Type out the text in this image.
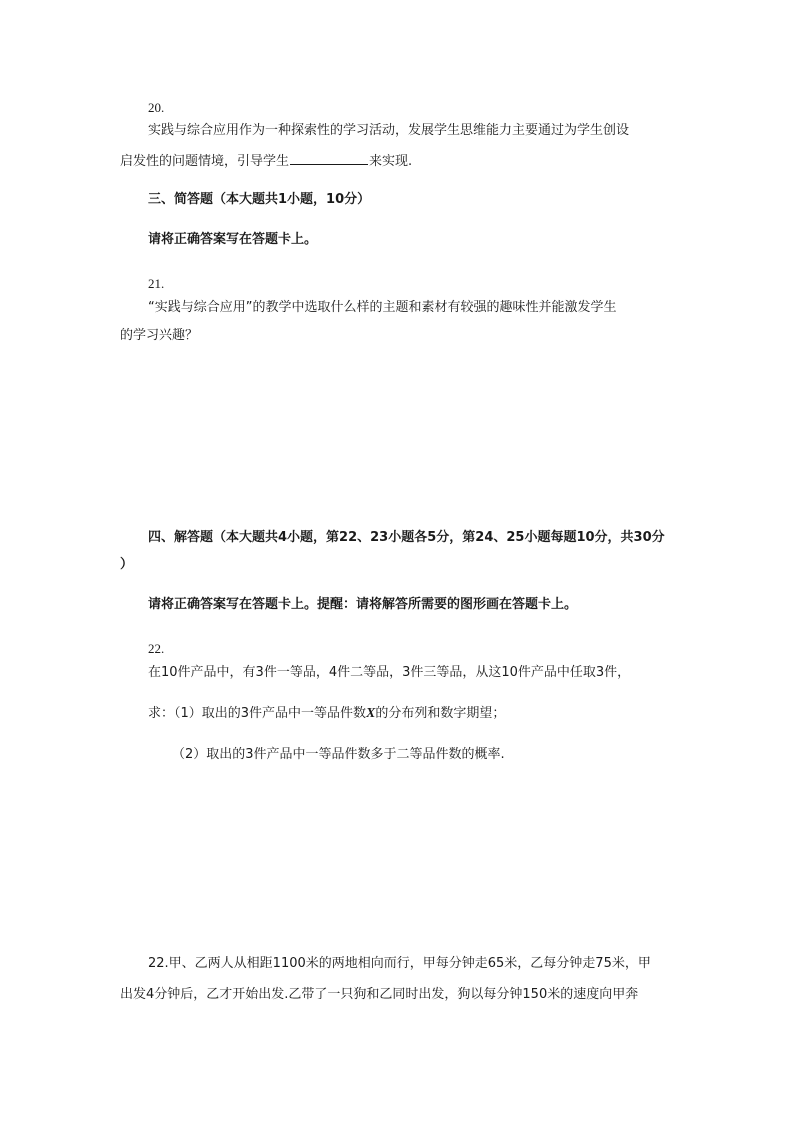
20.
实践与综合应用作为一种探索性的学习活动，发展学生思维能力主要通过为学生创设
启发性的问题情境，引导学生	来实现.
三、简答题（本大题共1小题，10分）
请将正确答案写在答题卡上。
21.
“实践与综合应用”的教学中选取什么样的主题和素材有较强的趣味性并能激发学生
的学习兴趣？
四、解答题（本大题共4小题，第22、23小题各5分，第24、25小题每题10分，共30分
）
请将正确答案写在答题卡上。提醒：请将解答所需要的图形画在答题卡上。
22.
在10件产品中，有3件一等品，4件二等品，3件三等品，从这10件产品中任取3件，
求：（1）取出的3件产品中一等品件数X的分布列和数字期望；
（2）取出的3件产品中一等品件数多于二等品件数的概率.
22.甲、乙两人从相距1100米的两地相向而行，甲每分钟走65米，乙每分钟走75米，甲
出发4分钟后，乙才开始出发.乙带了一只狗和乙同时出发，狗以每分钟150米的速度向甲奔
